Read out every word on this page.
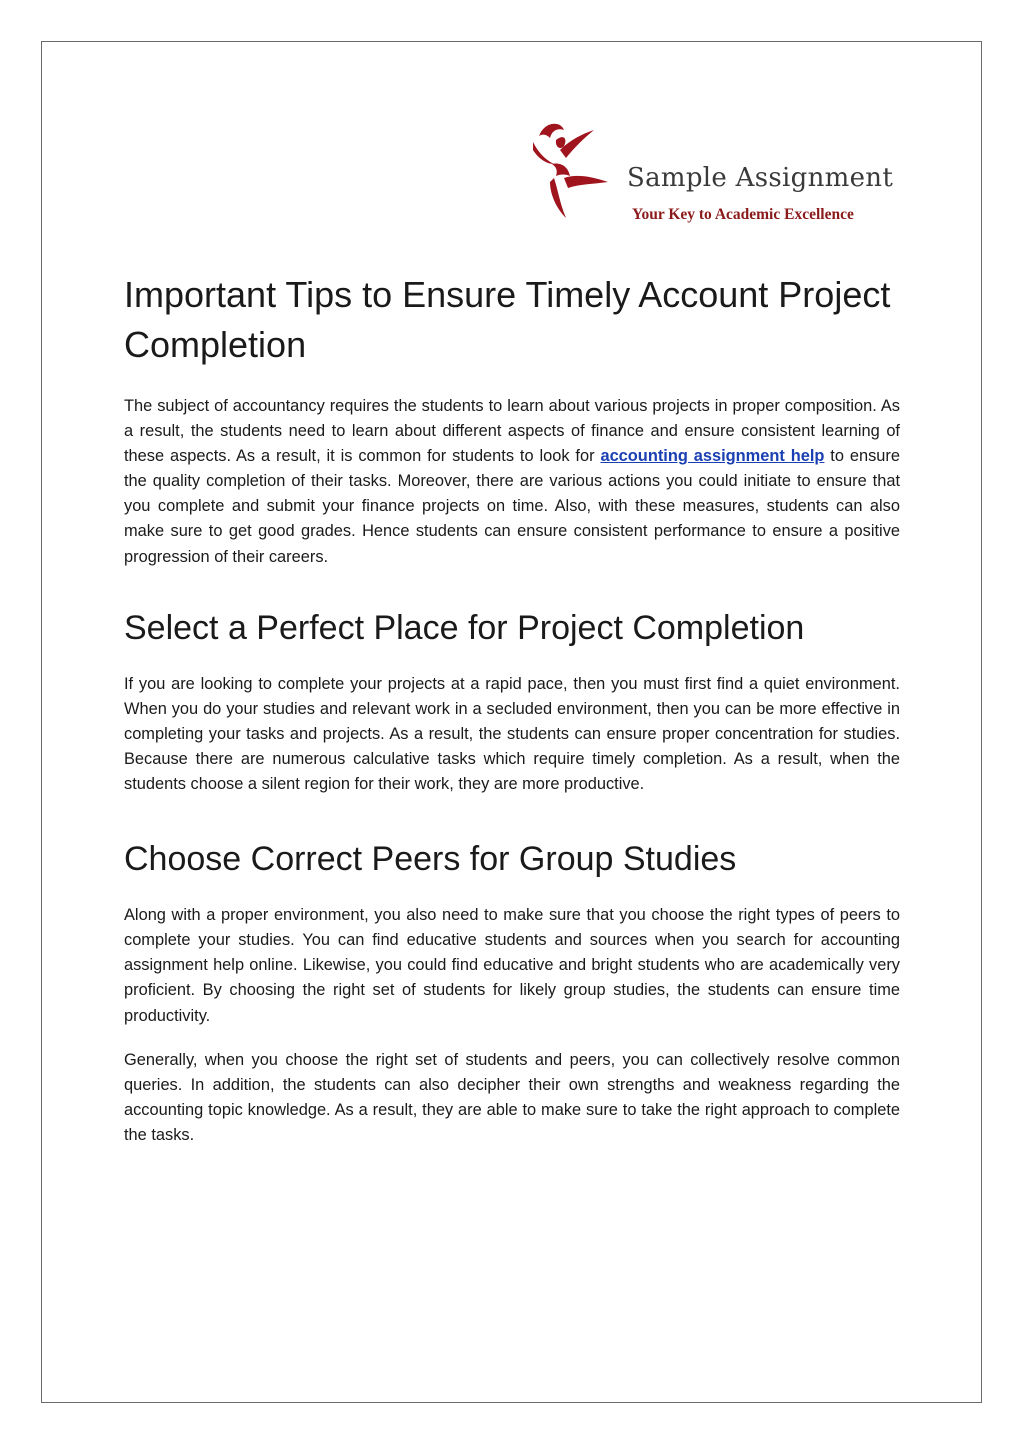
Sample Assignment
Your Key to Academic Excellence
Important Tips to Ensure Timely Account Project Completion

The subject of accountancy requires the students to learn about various projects in proper composition. As a result, the students need to learn about different aspects of finance and ensure consistent learning of these aspects. As a result, it is common for students to look for accounting assignment help to ensure the quality completion of their tasks. Moreover, there are various actions you could initiate to ensure that you complete and submit your finance projects on time. Also, with these measures, students can also make sure to get good grades. Hence students can ensure consistent performance to ensure a positive progression of their careers.

Select a Perfect Place for Project Completion

If you are looking to complete your projects at a rapid pace, then you must first find a quiet environment. When you do your studies and relevant work in a secluded environment, then you can be more effective in completing your tasks and projects. As a result, the students can ensure proper concentration for studies. Because there are numerous calculative tasks which require timely completion. As a result, when the students choose a silent region for their work, they are more productive.

Choose Correct Peers for Group Studies

Along with a proper environment, you also need to make sure that you choose the right types of peers to complete your studies. You can find educative students and sources when you search for accounting assignment help online. Likewise, you could find educative and bright students who are academically very proficient. By choosing the right set of students for likely group studies, the students can ensure time productivity.

Generally, when you choose the right set of students and peers, you can collectively resolve common queries. In addition, the students can also decipher their own strengths and weakness regarding the accounting topic knowledge. As a result, they are able to make sure to take the right approach to complete the tasks.
